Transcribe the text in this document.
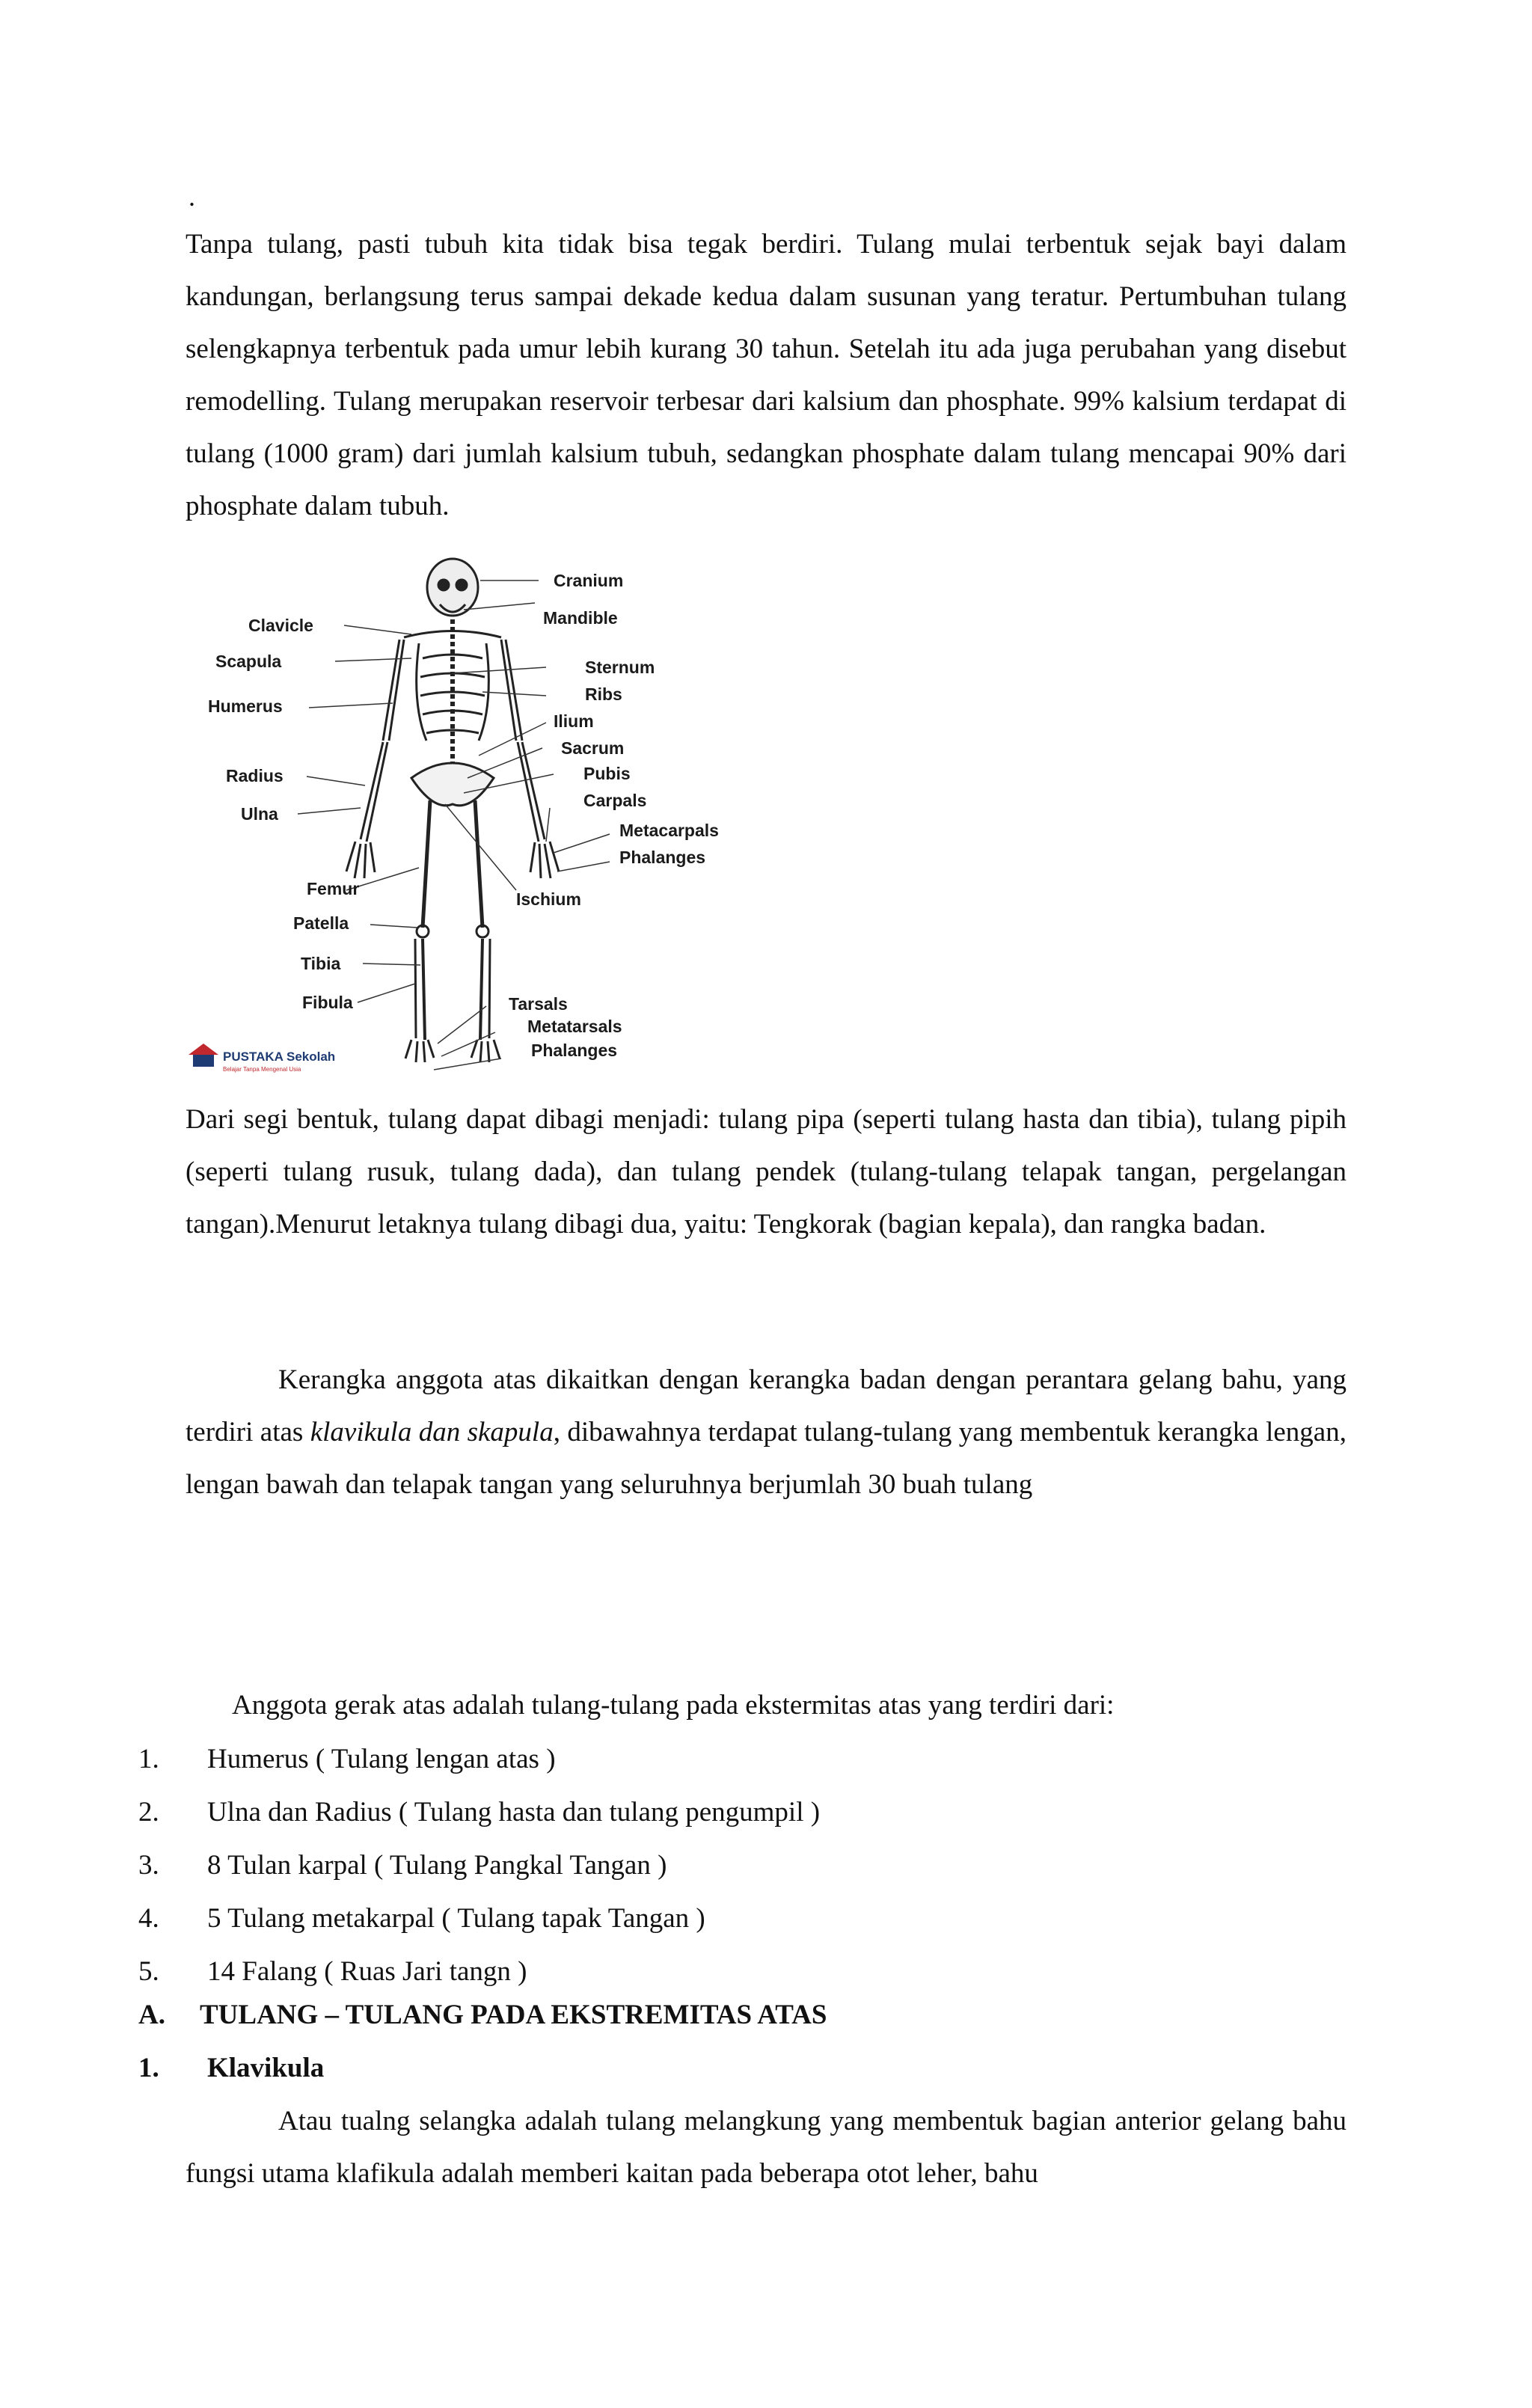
.

Tanpa tulang, pasti tubuh kita tidak bisa tegak berdiri. Tulang mulai terbentuk sejak bayi dalam kandungan, berlangsung terus sampai dekade kedua dalam susunan yang teratur. Pertumbuhan tulang selengkapnya terbentuk pada umur lebih kurang 30 tahun. Setelah itu ada juga perubahan yang disebut remodelling. Tulang merupakan reservoir terbesar dari kalsium dan phosphate. 99% kalsium terdapat di tulang (1000 gram) dari jumlah kalsium tubuh, sedangkan phosphate dalam tulang mencapai 90% dari phosphate dalam tubuh.

Cranium
Mandible
Clavicle
Scapula
Humerus
Sternum
Ribs
Ilium
Sacrum
Pubis
Radius
Ulna
Carpals
Metacarpals
Phalanges
Femur
Ischium
Patella
Tibia
Fibula	Tarsals
Metatarsals
Phalanges
PUSTAKA Sekolah
Belajar Tanpa Mengenal Usia

Dari segi bentuk, tulang dapat dibagi menjadi: tulang pipa (seperti tulang hasta dan tibia), tulang pipih (seperti tulang rusuk, tulang dada), dan tulang pendek (tulang-tulang telapak tangan, pergelangan tangan).Menurut letaknya tulang dibagi dua, yaitu: Tengkorak (bagian kepala), dan rangka badan.

Kerangka anggota atas dikaitkan dengan kerangka badan dengan perantara gelang bahu, yang terdiri atas klavikula dan skapula, dibawahnya terdapat tulang-tulang yang membentuk kerangka lengan, lengan bawah dan telapak tangan yang seluruhnya berjumlah 30 buah tulang

Anggota gerak atas adalah tulang-tulang pada ekstermitas atas yang terdiri dari:
1.	Humerus ( Tulang lengan atas )
2.	Ulna dan Radius ( Tulang hasta dan tulang pengumpil )
3.	8 Tulan karpal ( Tulang Pangkal Tangan )
4.	5 Tulang metakarpal ( Tulang tapak Tangan )
5.	14 Falang ( Ruas Jari tangn )
A. TULANG – TULANG PADA EKSTREMITAS ATAS
1. Klavikula

Atau tualng selangka adalah tulang melangkung yang membentuk bagian anterior gelang bahu fungsi utama klafikula adalah memberi kaitan pada beberapa otot leher, bahu
